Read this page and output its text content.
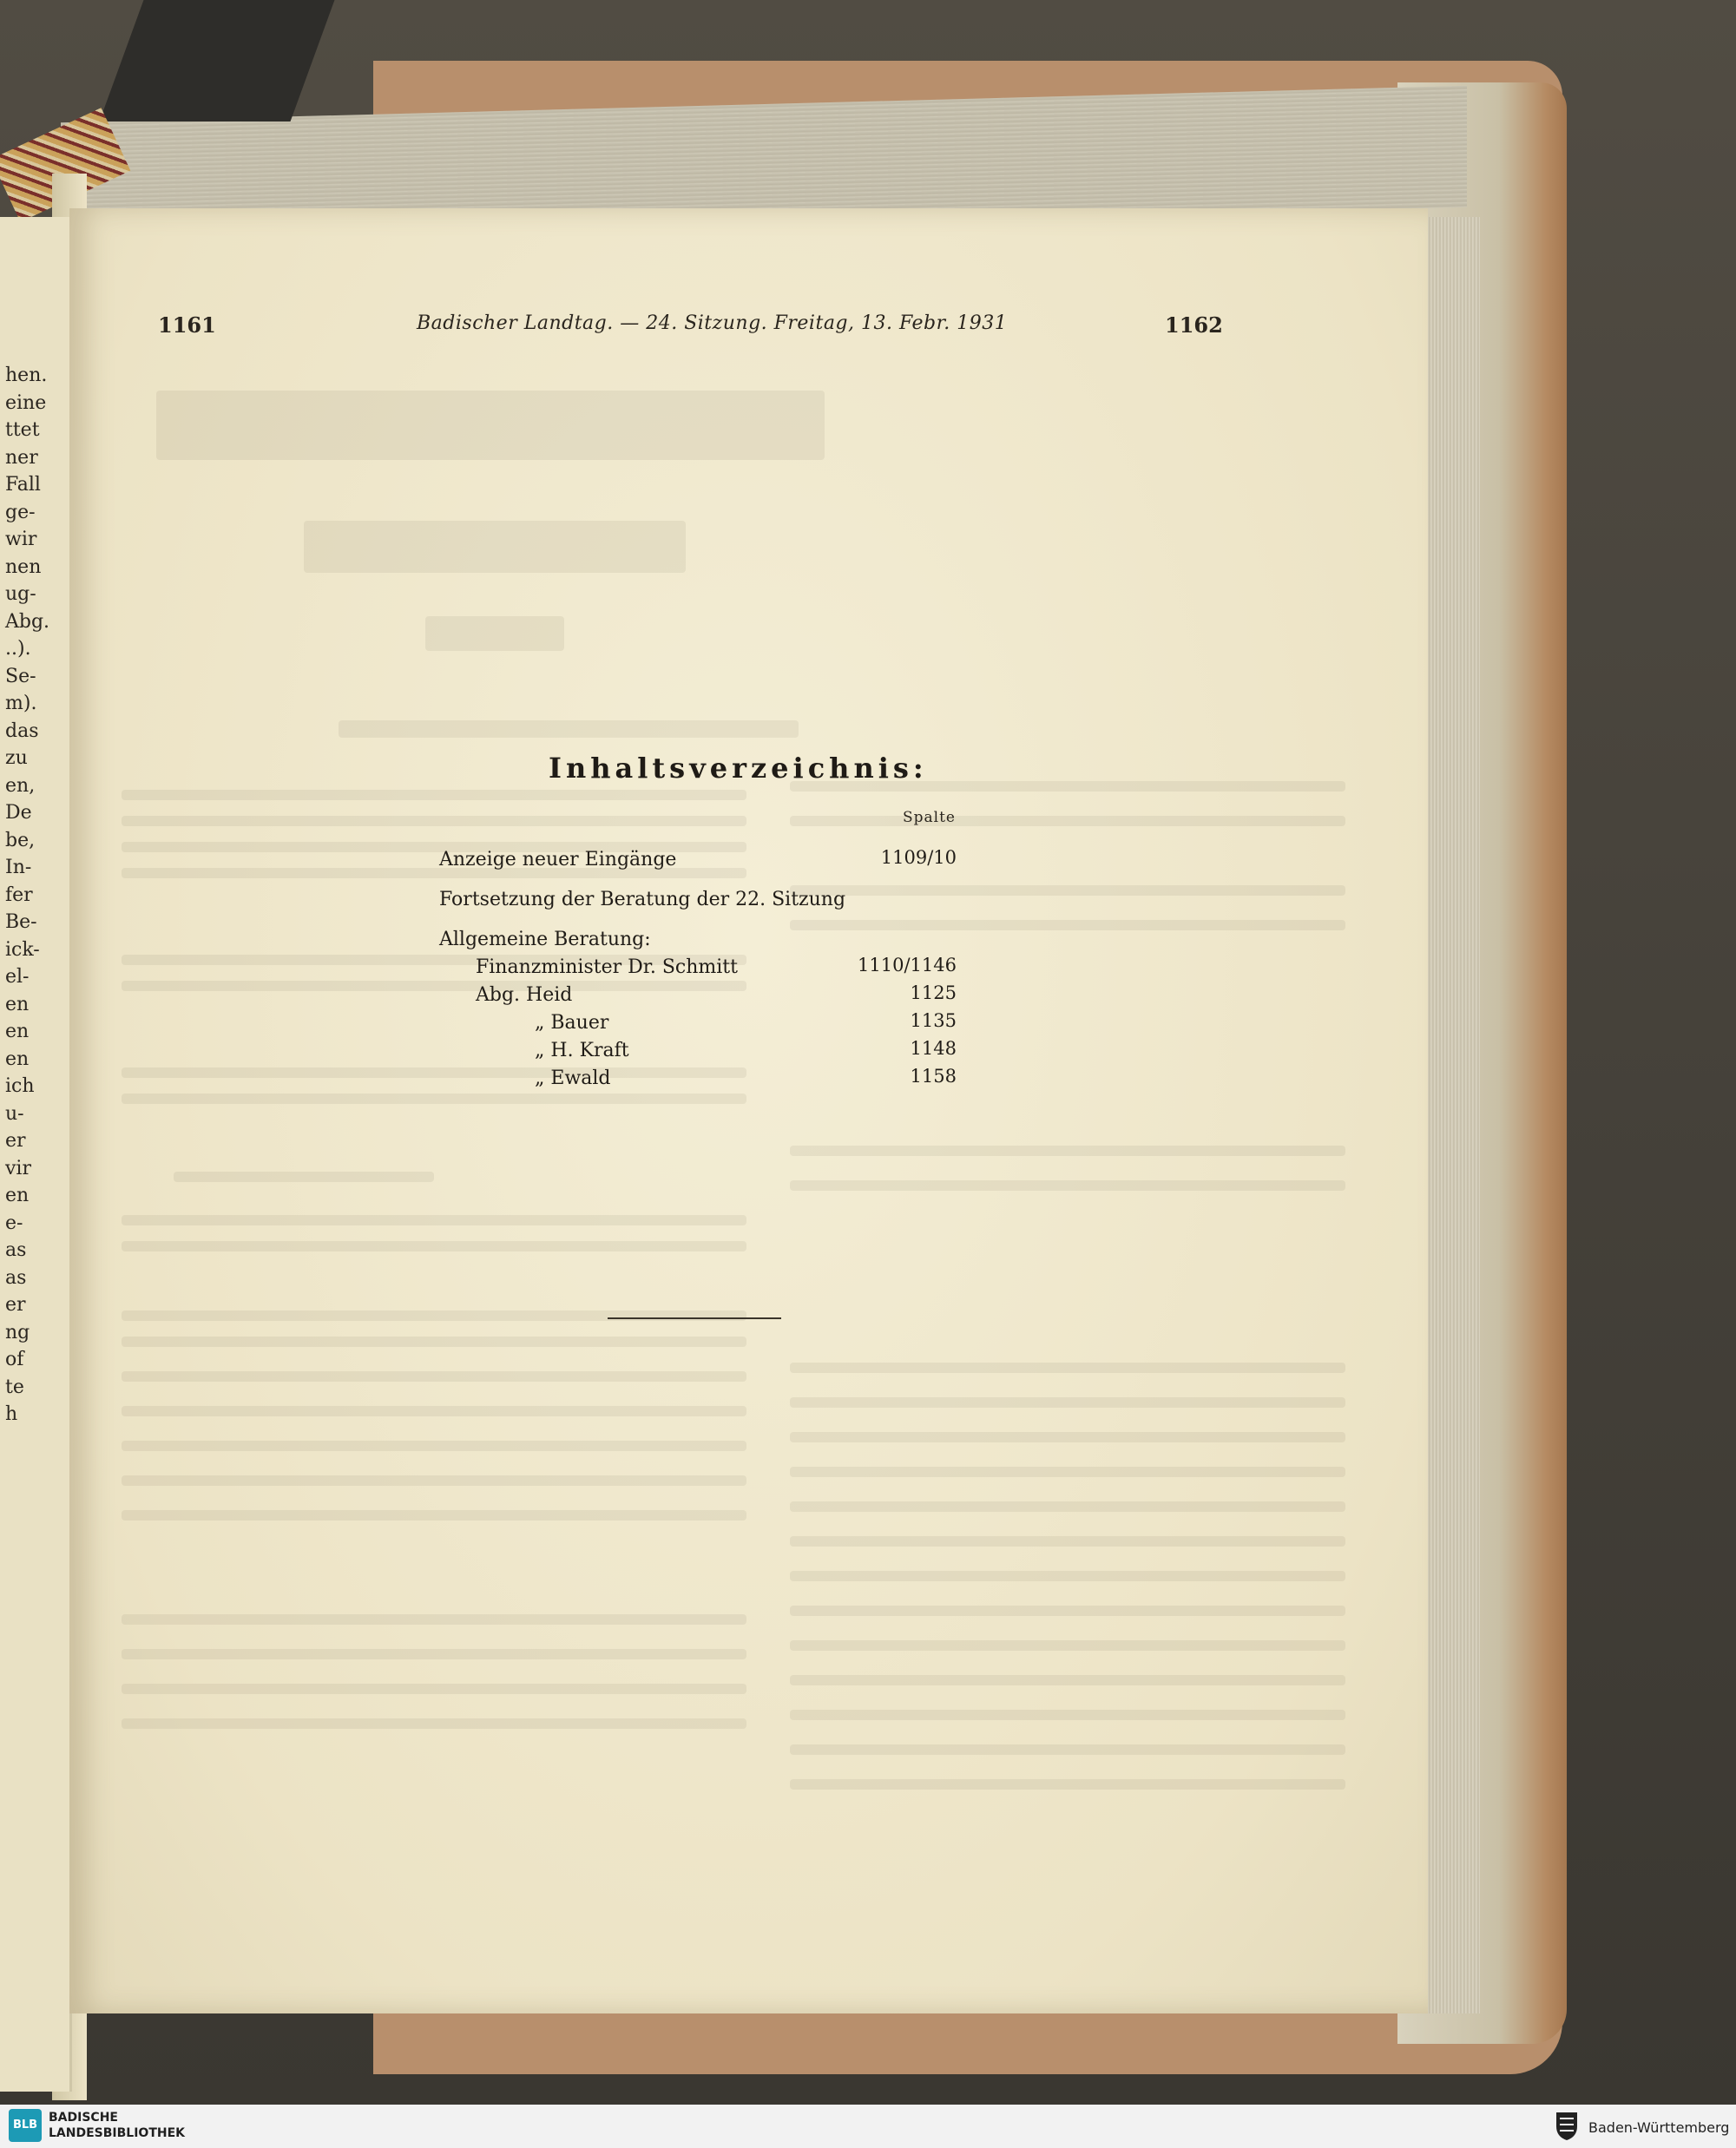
hen.
eine
ttet
ner
Fall
ge-
wir
nen
ug-
Abg.
..).
Se-
m).
das
zu
en,
De
be,
In-
fer
Be-
ick-
el-
en
en
en
ich
u-
er
vir
en
e-
as
as
er
ng
of
te
h
1161	Badischer Landtag. — 24. Sitzung. Freitag, 13. Febr. 1931	1162
Inhaltsverzeichnis:
Spalte
Anzeige neuer Eingänge	1109/10
Fortsetzung der Beratung der 22. Sitzung
Allgemeine Beratung:
Finanzminister Dr. Schmitt	1110/1146
Abg. Heid	1125
„ Bauer	1135
„ H. Kraft	1148
„ Ewald	1158
BLB
BADISCHE
LANDESBIBLIOTHEK	Baden-Württemberg
